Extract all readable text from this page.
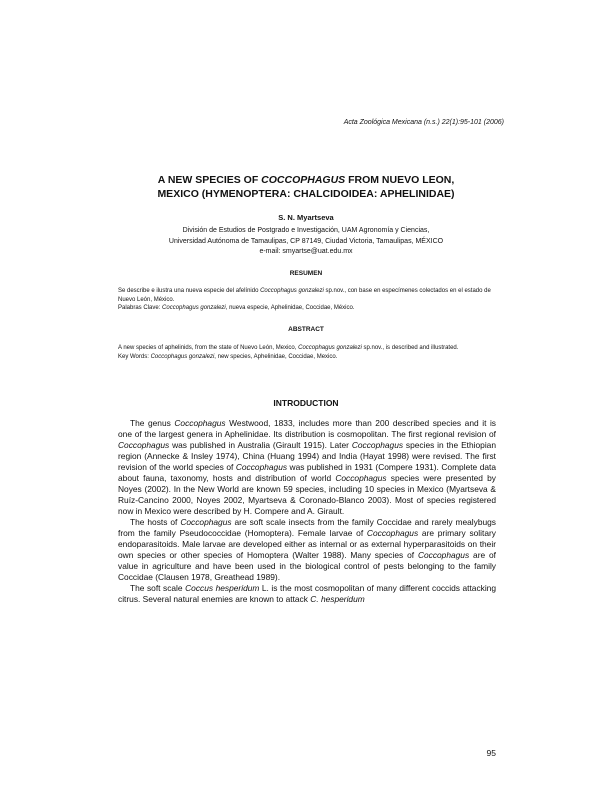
Acta Zoológica Mexicana (n.s.) 22(1):95-101 (2006)
A NEW SPECIES OF COCCOPHAGUS FROM NUEVO LEON,
MEXICO (HYMENOPTERA: CHALCIDOIDEA: APHELINIDAE)
S. N. Myartseva
División de Estudios de Postgrado e Investigación, UAM Agronomía y Ciencias,
Universidad Autónoma de Tamaulipas, CP 87149, Ciudad Victoria, Tamaulipas, MÉXICO
e-mail: smyartse@uat.edu.mx
RESUMEN

Se describe e ilustra una nueva especie del afelínido Coccophagus gonzalezi sp.nov., con base en especímenes colectados en el estado de Nuevo León, México.

Palabras Clave: Coccophagus gonzalezi, nueva especie, Aphelinidae, Coccidae, México.

ABSTRACT

A new species of aphelinids, from the state of Nuevo León, Mexico, Coccophagus gonzalezi sp.nov., is described and illustrated.

Key Words: Coccophagus gonzalezi, new species, Aphelinidae, Coccidae, Mexico.

INTRODUCTION

The genus Coccophagus Westwood, 1833, includes more than 200 described species and it is one of the largest genera in Aphelinidae. Its distribution is cosmopolitan. The first regional revision of Coccophagus was published in Australia (Girault 1915). Later Coccophagus species in the Ethiopian region (Annecke & Insley 1974), China (Huang 1994) and India (Hayat 1998) were revised. The first revision of the world species of Coccophagus was published in 1931 (Compere 1931). Complete data about fauna, taxonomy, hosts and distribution of world Coccophagus species were presented by Noyes (2002). In the New World are known 59 species, including 10 species in Mexico (Myartseva & Ruíz-Cancino 2000, Noyes 2002, Myartseva & Coronado-Blanco 2003). Most of species registered now in Mexico were described by H. Compere and A. Girault.

The hosts of Coccophagus are soft scale insects from the family Coccidae and rarely mealybugs from the family Pseudococcidae (Homoptera). Female larvae of Coccophagus are primary solitary endoparasitoids. Male larvae are developed either as internal or as external hyperparasitoids on their own species or other species of Homoptera (Walter 1988). Many species of Coccophagus are of value in agriculture and have been used in the biological control of pests belonging to the family Coccidae (Clausen 1978, Greathead 1989).

The soft scale Coccus hesperidum L. is the most cosmopolitan of many different coccids attacking citrus. Several natural enemies are known to attack C. hesperidum

95
